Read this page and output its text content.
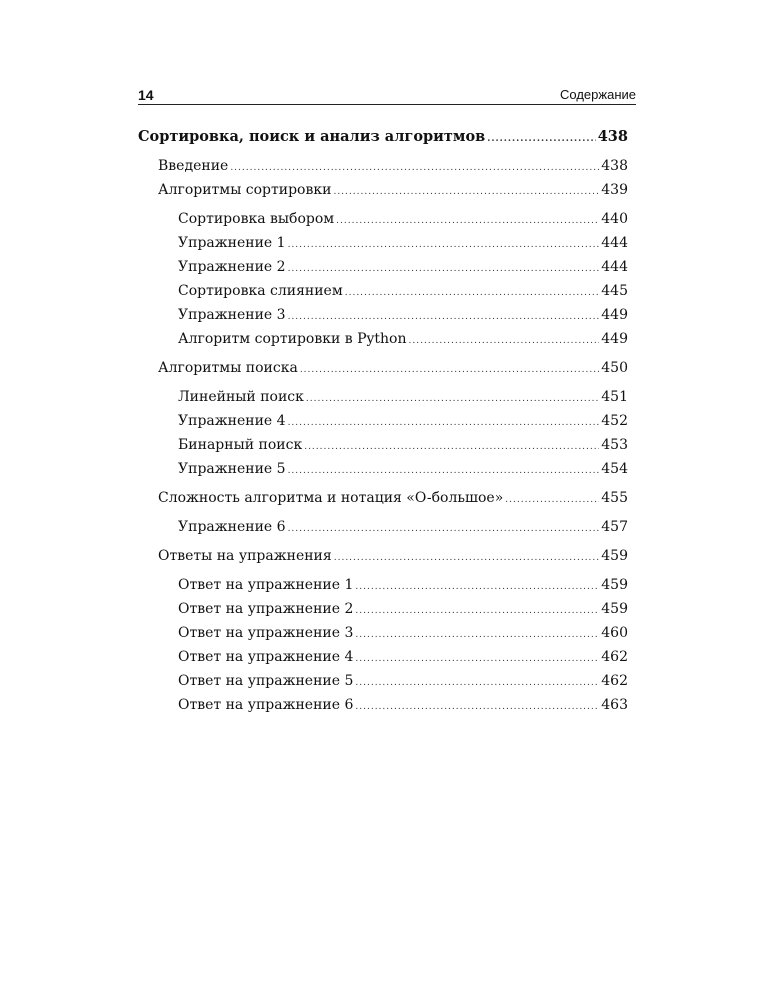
14	Содержание
Сортировка, поиск и анализ алгоритмов .....	438
Введение .....	438
Алгоритмы сортировки .....	439
Сортировка выбором .....	440
Упражнение 1 .....	444
Упражнение 2 .....	444
Сортировка слиянием .....	445
Упражнение 3 .....	449
Алгоритм сортировки в Python .....	449
Алгоритмы поиска .....	450
Линейный поиск .....	451
Упражнение 4 .....	452
Бинарный поиск .....	453
Упражнение 5 .....	454
Сложность алгоритма и нотация «O-большое» .....	455
Упражнение 6 .....	457
Ответы на упражнения .....	459
Ответ на упражнение 1 .....	459
Ответ на упражнение 2 .....	459
Ответ на упражнение 3 .....	460
Ответ на упражнение 4 .....	462
Ответ на упражнение 5 .....	462
Ответ на упражнение 6 .....	463
